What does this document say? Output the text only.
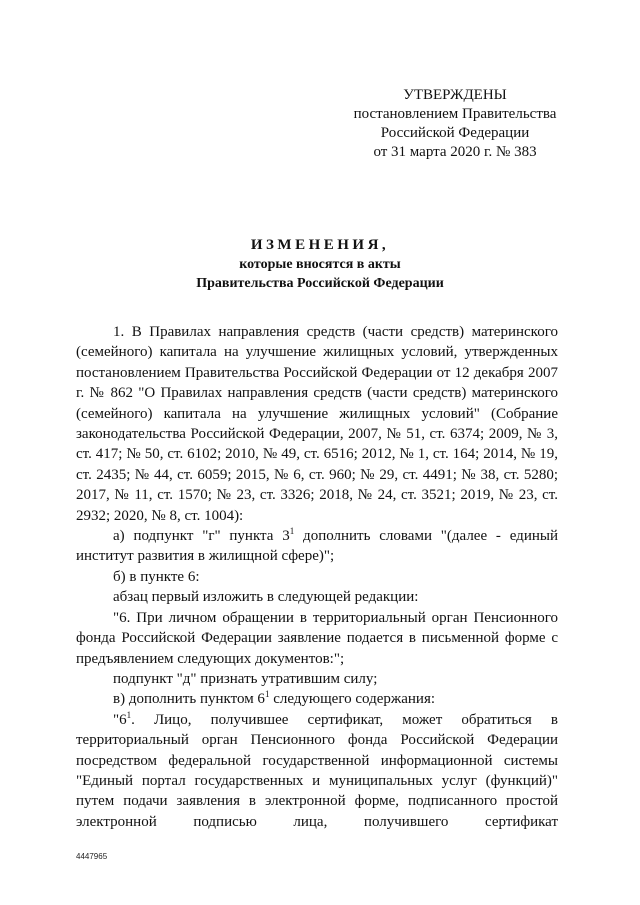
УТВЕРЖДЕНЫ
постановлением Правительства
Российской Федерации
от 31 марта 2020 г. № 383
ИЗМЕНЕНИЯ,
которые вносятся в акты
Правительства Российской Федерации

1. В Правилах направления средств (части средств) материнского (семейного) капитала на улучшение жилищных условий, утвержденных постановлением Правительства Российской Федерации от 12 декабря 2007 г. № 862 "О Правилах направления средств (части средств) материнского (семейного) капитала на улучшение жилищных условий" (Собрание законодательства Российской Федерации, 2007, № 51, ст. 6374; 2009, № 3, ст. 417; № 50, ст. 6102; 2010, № 49, ст. 6516; 2012, № 1, ст. 164; 2014, № 19, ст. 2435; № 44, ст. 6059; 2015, № 6, ст. 960; № 29, ст. 4491; № 38, ст. 5280; 2017, № 11, ст. 1570; № 23, ст. 3326; 2018, № 24, ст. 3521; 2019, № 23, ст. 2932; 2020, № 8, ст. 1004):

а) подпункт "г" пункта $3^1$ дополнить словами "(далее - единый институт развития в жилищной сфере)";

б) в пункте 6:

абзац первый изложить в следующей редакции:

"6. При личном обращении в территориальный орган Пенсионного фонда Российской Федерации заявление подается в письменной форме с предъявлением следующих документов:";

подпункт "д" признать утратившим силу;

в) дополнить пунктом $6^1$ следующего содержания:

"$6^1$. Лицо, получившее сертификат, может обратиться в территориальный орган Пенсионного фонда Российской Федерации посредством федеральной государственной информационной системы "Единый портал государственных и муниципальных услуг (функций)" путем подачи заявления в электронной форме, подписанного простой электронной подписью лица, получившего сертификат

4447965
